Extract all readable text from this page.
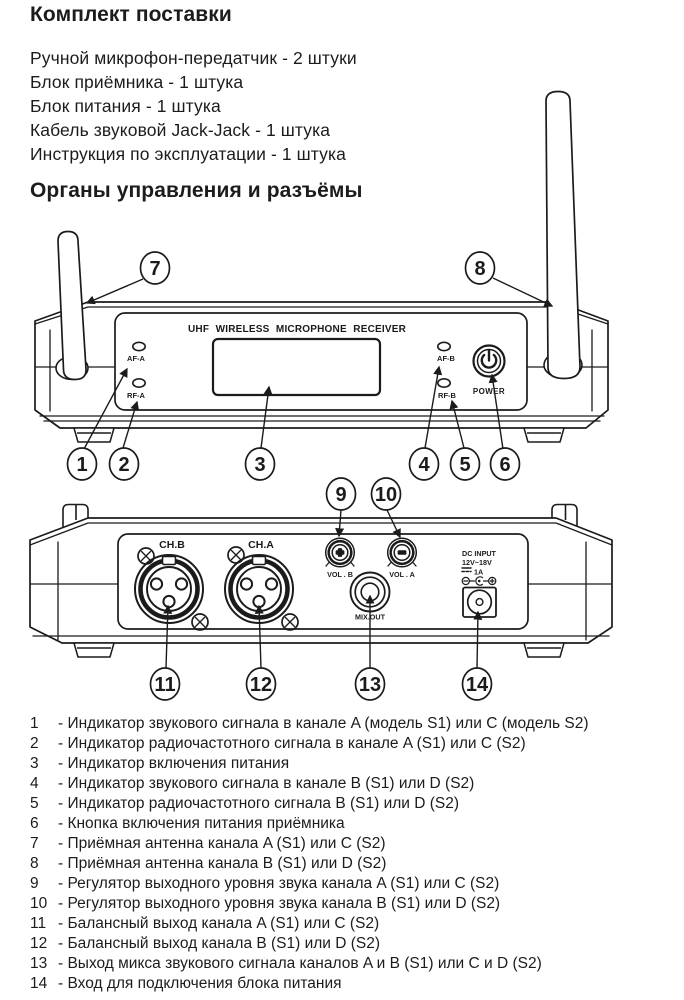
Комплект поставки
Ручной микрофон-передатчик - 2 штуки
Блок приёмника - 1 штука
Блок питания - 1 штука
Кабель звуковой Jack-Jack - 1 штука
Инструкция по эксплуатации - 1 штука
Органы управления и разъёмы
UHF WIRELESS MICROPHONE RECEIVER
AF-A
RF-A
AF-B
RF-B POWER
1 2	3	4 5 6
7	8
CH.B	CH.A
VOL . B	VOL . A
DC INPUT
12V~18V
1A
MIX.OUT
9 10
11	12	13	14
1	- Индикатор звукового сигнала в канале A (модель S1) или C (модель S2)
2	- Индикатор радиочастотного сигнала в канале A (S1) или C (S2)
3	- Индикатор включения питания
4	- Индикатор звукового сигнала в канале B (S1) или D (S2)
5	- Индикатор радиочастотного сигнала B (S1) или D (S2)
6	- Кнопка включения питания приёмника
7	- Приёмная антенна канала A (S1) или C (S2)
8	- Приёмная антенна канала B (S1) или D (S2)
9	- Регулятор выходного уровня звука канала A (S1) или C (S2)
10 - Регулятор выходного уровня звука канала B (S1) или D (S2)
11 - Балансный выход канала A (S1) или C (S2)
12 - Балансный выход канала B (S1) или D (S2)
13 - Выход микса звукового сигнала каналов A и B (S1) или C и D (S2)
14 - Вход для подключения блока питания
